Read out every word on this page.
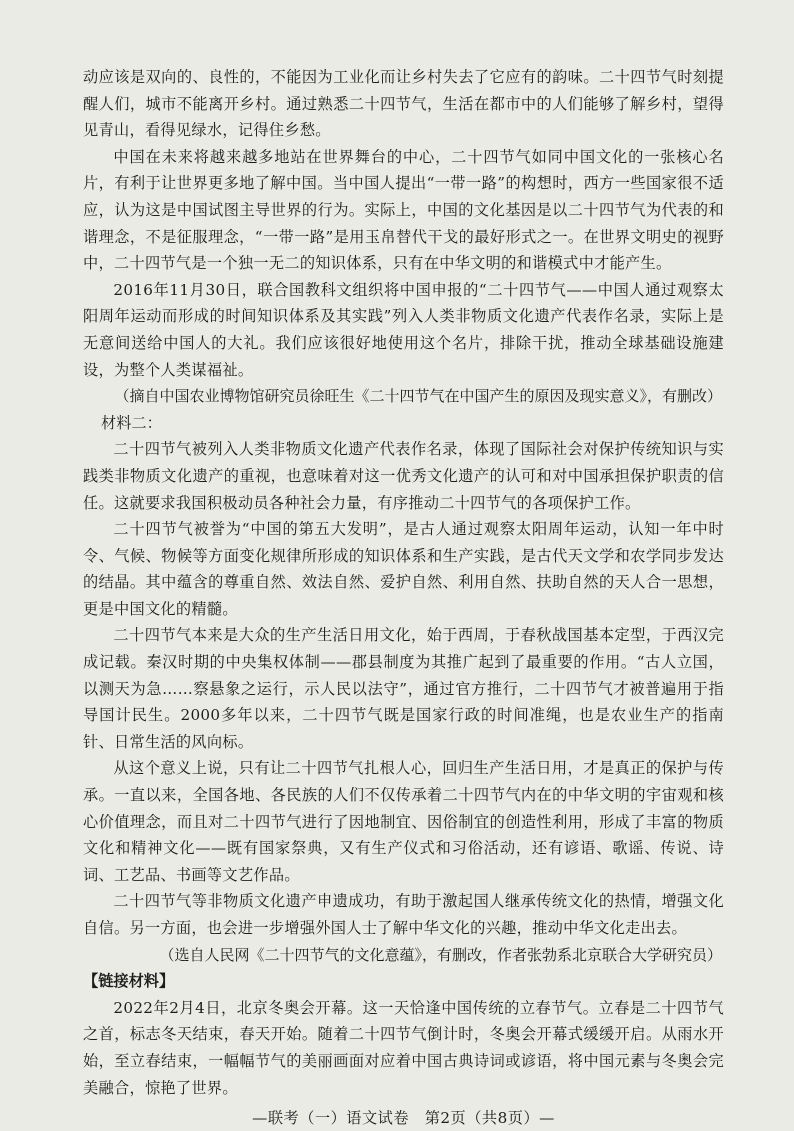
动应该是双向的、良性的，不能因为工业化而让乡村失去了它应有的韵味。二十四节气时刻提醒人们，城市不能离开乡村。通过熟悉二十四节气，生活在都市中的人们能够了解乡村，望得见青山，看得见绿水，记得住乡愁。

中国在未来将越来越多地站在世界舞台的中心，二十四节气如同中国文化的一张核心名片，有利于让世界更多地了解中国。当中国人提出“一带一路”的构想时，西方一些国家很不适应，认为这是中国试图主导世界的行为。实际上，中国的文化基因是以二十四节气为代表的和谐理念，不是征服理念，“一带一路”是用玉帛替代干戈的最好形式之一。在世界文明史的视野中，二十四节气是一个独一无二的知识体系，只有在中华文明的和谐模式中才能产生。

2016年11月30日，联合国教科文组织将中国申报的“二十四节气——中国人通过观察太阳周年运动而形成的时间知识体系及其实践”列入人类非物质文化遗产代表作名录，实际上是无意间送给中国人的大礼。我们应该很好地使用这个名片，排除干扰，推动全球基础设施建设，为整个人类谋福祉。

（摘自中国农业博物馆研究员徐旺生《二十四节气在中国产生的原因及现实意义》，有删改）

材料二：

二十四节气被列入人类非物质文化遗产代表作名录，体现了国际社会对保护传统知识与实践类非物质文化遗产的重视，也意味着对这一优秀文化遗产的认可和对中国承担保护职责的信任。这就要求我国积极动员各种社会力量，有序推动二十四节气的各项保护工作。

二十四节气被誉为“中国的第五大发明”，是古人通过观察太阳周年运动，认知一年中时令、气候、物候等方面变化规律所形成的知识体系和生产实践，是古代天文学和农学同步发达的结晶。其中蕴含的尊重自然、效法自然、爱护自然、利用自然、扶助自然的天人合一思想，更是中国文化的精髓。

二十四节气本来是大众的生产生活日用文化，始于西周，于春秋战国基本定型，于西汉完成记载。秦汉时期的中央集权体制——郡县制度为其推广起到了最重要的作用。“古人立国，以测天为急……察悬象之运行，示人民以法守”，通过官方推行，二十四节气才被普遍用于指导国计民生。2000多年以来，二十四节气既是国家行政的时间准绳，也是农业生产的指南针、日常生活的风向标。

从这个意义上说，只有让二十四节气扎根人心，回归生产生活日用，才是真正的保护与传承。一直以来，全国各地、各民族的人们不仅传承着二十四节气内在的中华文明的宇宙观和核心价值理念，而且对二十四节气进行了因地制宜、因俗制宜的创造性利用，形成了丰富的物质文化和精神文化——既有国家祭典，又有生产仪式和习俗活动，还有谚语、歌谣、传说、诗词、工艺品、书画等文艺作品。

二十四节气等非物质文化遗产申遗成功，有助于激起国人继承传统文化的热情，增强文化自信。另一方面，也会进一步增强外国人士了解中华文化的兴趣，推动中华文化走出去。

（选自人民网《二十四节气的文化意蕴》，有删改，作者张勃系北京联合大学研究员）

【链接材料】

2022年2月4日，北京冬奥会开幕。这一天恰逢中国传统的立春节气。立春是二十四节气之首，标志冬天结束，春天开始。随着二十四节气倒计时，冬奥会开幕式缓缓开启。从雨水开始，至立春结束，一幅幅节气的美丽画面对应着中国古典诗词或谚语，将中国元素与冬奥会完美融合，惊艳了世界。

—联考（一）语文试卷　第2页（共8页）—
